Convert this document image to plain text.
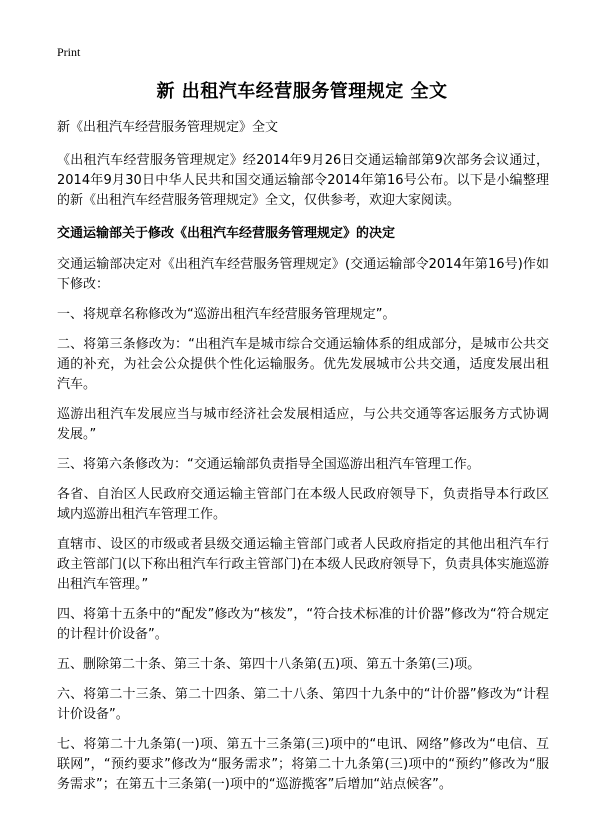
Print
新 出租汽车经营服务管理规定 全文

新《出租汽车经营服务管理规定》全文

《出租汽车经营服务管理规定》经2014年9月26日交通运输部第9次部务会议通过，2014年9月30日中华人民共和国交通运输部令2014年第16号公布。以下是小编整理的新《出租汽车经营服务管理规定》全文，仅供参考，欢迎大家阅读。

交通运输部关于修改《出租汽车经营服务管理规定》的决定

交通运输部决定对《出租汽车经营服务管理规定》(交通运输部令2014年第16号)作如下修改：

一、将规章名称修改为“巡游出租汽车经营服务管理规定”。

二、将第三条修改为：“出租汽车是城市综合交通运输体系的组成部分，是城市公共交通的补充，为社会公众提供个性化运输服务。优先发展城市公共交通，适度发展出租汽车。

巡游出租汽车发展应当与城市经济社会发展相适应，与公共交通等客运服务方式协调发展。”

三、将第六条修改为：“交通运输部负责指导全国巡游出租汽车管理工作。

各省、自治区人民政府交通运输主管部门在本级人民政府领导下，负责指导本行政区域内巡游出租汽车管理工作。

直辖市、设区的市级或者县级交通运输主管部门或者人民政府指定的其他出租汽车行政主管部门(以下称出租汽车行政主管部门)在本级人民政府领导下，负责具体实施巡游出租汽车管理。”

四、将第十五条中的“配发”修改为“核发”，“符合技术标准的计价器”修改为“符合规定的计程计价设备”。

五、删除第二十条、第三十条、第四十八条第(五)项、第五十条第(三)项。

六、将第二十三条、第二十四条、第二十八条、第四十九条中的“计价器”修改为“计程计价设备”。

七、将第二十九条第(一)项、第五十三条第(三)项中的“电讯、网络”修改为“电信、互联网”，“预约要求”修改为“服务需求”；将第二十九条第(三)项中的“预约”修改为“服务需求”；在第五十三条第(一)项中的“巡游揽客”后增加“站点候客”。
